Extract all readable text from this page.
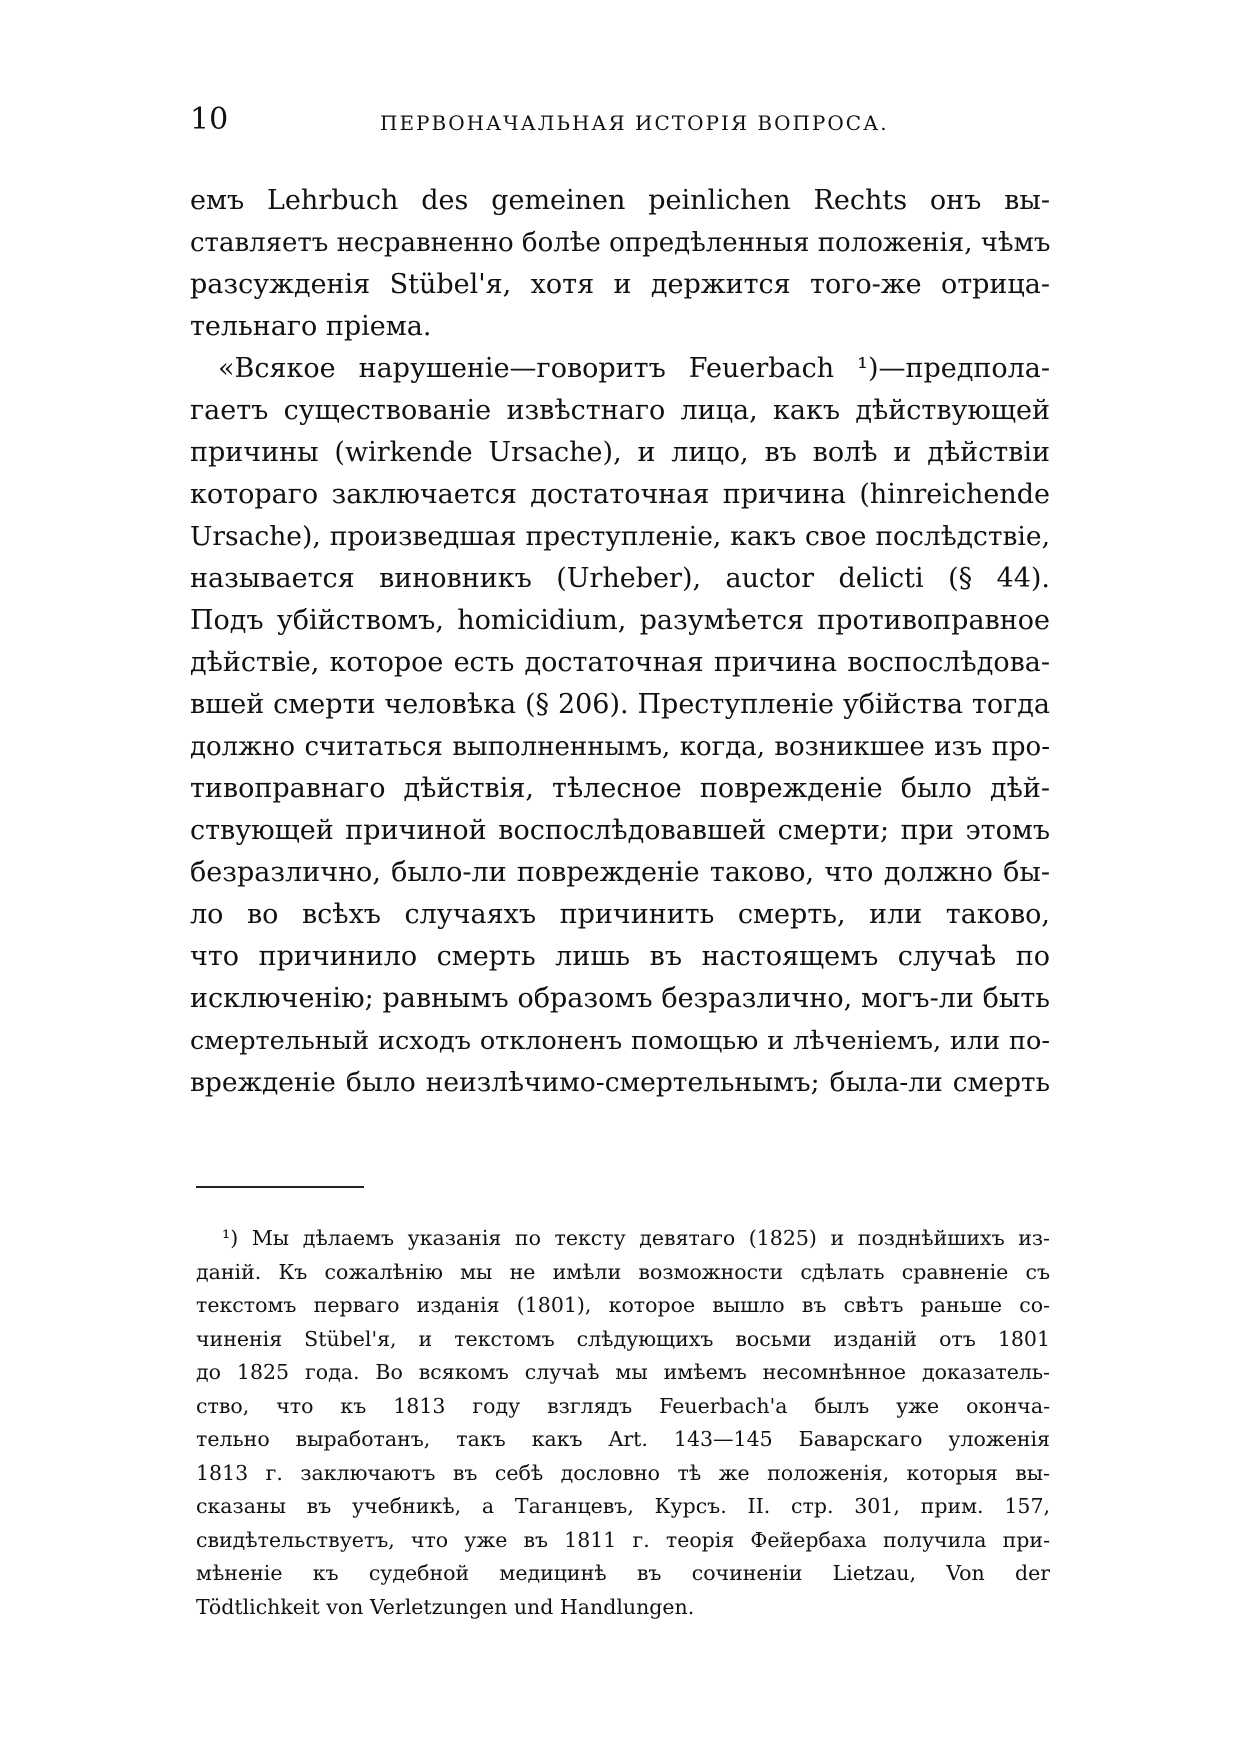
10	ПЕРВОНАЧАЛЬНАЯ ИСТОРІЯ ВОПРОСА.
емъ Lehrbuch des gemeinen peinlichen Rechts онъ вы-
ставляетъ несравненно болѣе опредѣленныя положенія, чѣмъ
разсужденія Stübel'я, хотя и держится того-же отрица-
тельнаго пріема.
«Всякое нарушеніе—говоритъ Feuerbach ¹)—предпола-
гаетъ существованіе извѣстнаго лица, какъ дѣйствующей
причины (wirkende Ursache), и лицо, въ волѣ и дѣйствіи
котораго заключается достаточная причина (hinreichende
Ursache), произведшая преступленіе, какъ свое послѣдствіе,
называется виновникъ (Urheber), auctor delicti (§ 44).
Подъ убійствомъ, homicidium, разумѣется противоправное
дѣйствіе, которое есть достаточная причина воспослѣдова-
вшей смерти человѣка (§ 206). Преступленіе убійства тогда
должно считаться выполненнымъ, когда, возникшее изъ про-
тивоправнаго дѣйствія, тѣлесное поврежденіе было дѣй-
ствующей причиной воспослѣдовавшей смерти; при этомъ
безразлично, было-ли поврежденіе таково, что должно бы-
ло во всѣхъ случаяхъ причинить смерть, или таково,
что причинило смерть лишь въ настоящемъ случаѣ по
исключенію; равнымъ образомъ безразлично, могъ-ли быть
смертельный исходъ отклоненъ помощью и лѣченіемъ, или по-
врежденіе было неизлѣчимо-смертельнымъ; была-ли смерть
¹) Мы дѣлаемъ указанія по тексту девятаго (1825) и позднѣйшихъ из-
даній. Къ сожалѣнію мы не имѣли возможности сдѣлать сравненіе съ
текстомъ перваго изданія (1801), которое вышло въ свѣтъ раньше со-
чиненія Stübel'я, и текстомъ слѣдующихъ восьми изданій отъ 1801
до 1825 года. Во всякомъ случаѣ мы имѣемъ несомнѣнное доказатель-
ство, что къ 1813 году взглядъ Feuerbach'а былъ уже оконча-
тельно выработанъ, такъ какъ Art. 143—145 Баварскаго уложенія
1813 г. заключаютъ въ себѣ дословно тѣ же положенія, которыя вы-
сказаны въ учебникѣ, а Таганцевъ, Курсъ. II. стр. 301, прим. 157,
свидѣтельствуетъ, что уже въ 1811 г. теорія Фейербаха получила при-
мѣненіе къ судебной медицинѣ въ сочиненіи Lietzau, Von der
Tödtlichkeit von Verletzungen und Handlungen.
